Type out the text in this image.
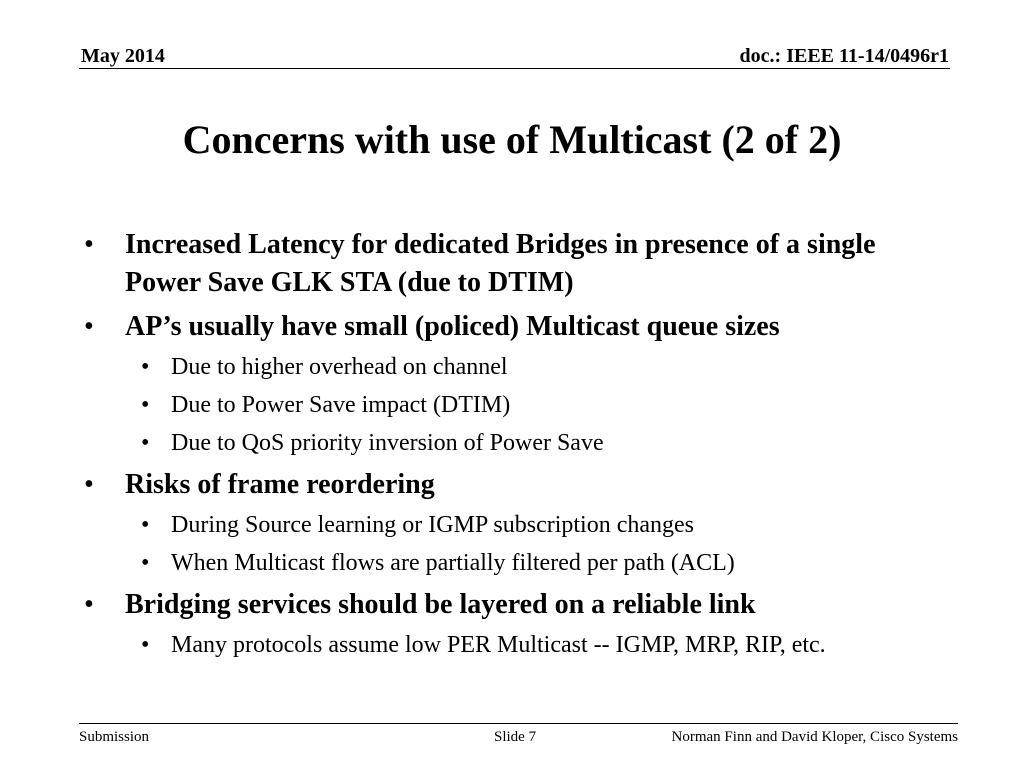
May 2014	doc.: IEEE 11-14/0496r1
Concerns with use of Multicast (2 of 2)
• Increased Latency for dedicated Bridges in presence of a single Power Save GLK STA (due to DTIM)
• AP’s usually have small (policed) Multicast queue sizes
• Due to higher overhead on channel
• Due to Power Save impact (DTIM)
• Due to QoS priority inversion of Power Save
• Risks of frame reordering
• During Source learning or IGMP subscription changes
• When Multicast flows are partially filtered per path (ACL)
• Bridging services should be layered on a reliable link
• Many protocols assume low PER Multicast -- IGMP, MRP, RIP, etc.
Submission	Slide 7	Norman Finn and David Kloper, Cisco Systems
